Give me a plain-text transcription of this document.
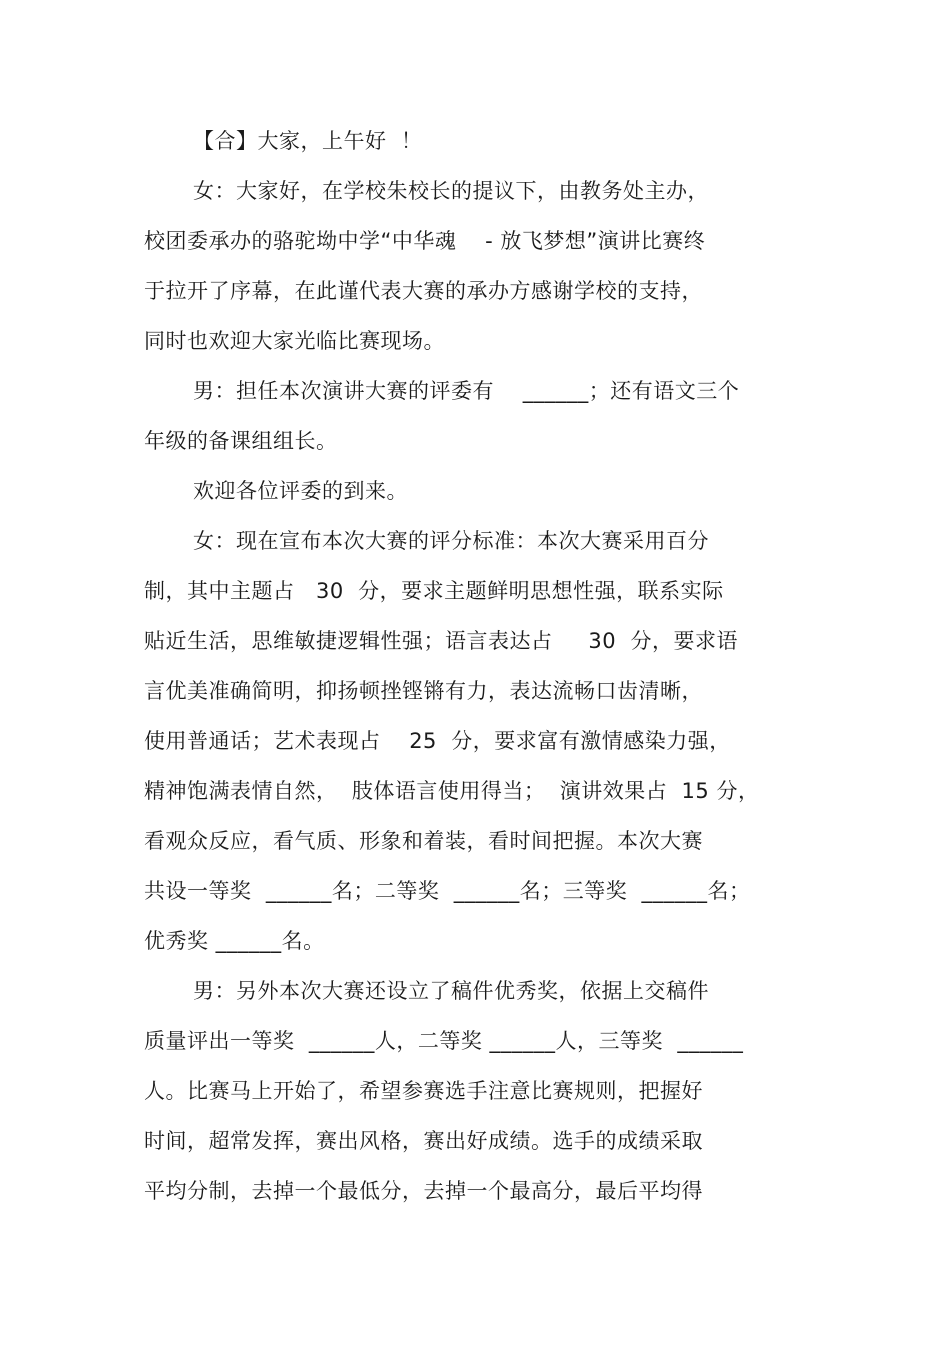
【合】大家，上午好  ！

女：大家好，在学校朱校长的提议下，由教务处主办，

校团委承办的骆驼坳中学“中华魂    - 放飞梦想”演讲比赛终

于拉开了序幕，在此谨代表大赛的承办方感谢学校的支持，

同时也欢迎大家光临比赛现场。

男：担任本次演讲大赛的评委有    ______；还有语文三个

年级的备课组组长。

欢迎各位评委的到来。

女：现在宣布本次大赛的评分标准：本次大赛采用百分

制，其中主题占   30  分，要求主题鲜明思想性强，联系实际

贴近生活，思维敏捷逻辑性强；语言表达占     30  分，要求语

言优美准确简明，抑扬顿挫铿锵有力，表达流畅口齿清晰，

使用普通话；艺术表现占    25  分，要求富有激情感染力强，

精神饱满表情自然，  肢体语言使用得当；  演讲效果占  15 分，

看观众反应，看气质、形象和着装，看时间把握。本次大赛

共设一等奖  ______名；二等奖  ______名；三等奖  ______名；

优秀奖 ______名。

男：另外本次大赛还设立了稿件优秀奖，依据上交稿件

质量评出一等奖  ______人，二等奖 ______人，三等奖  ______

人。比赛马上开始了，希望参赛选手注意比赛规则，把握好

时间，超常发挥，赛出风格，赛出好成绩。选手的成绩采取

平均分制，去掉一个最低分，去掉一个最高分，最后平均得
